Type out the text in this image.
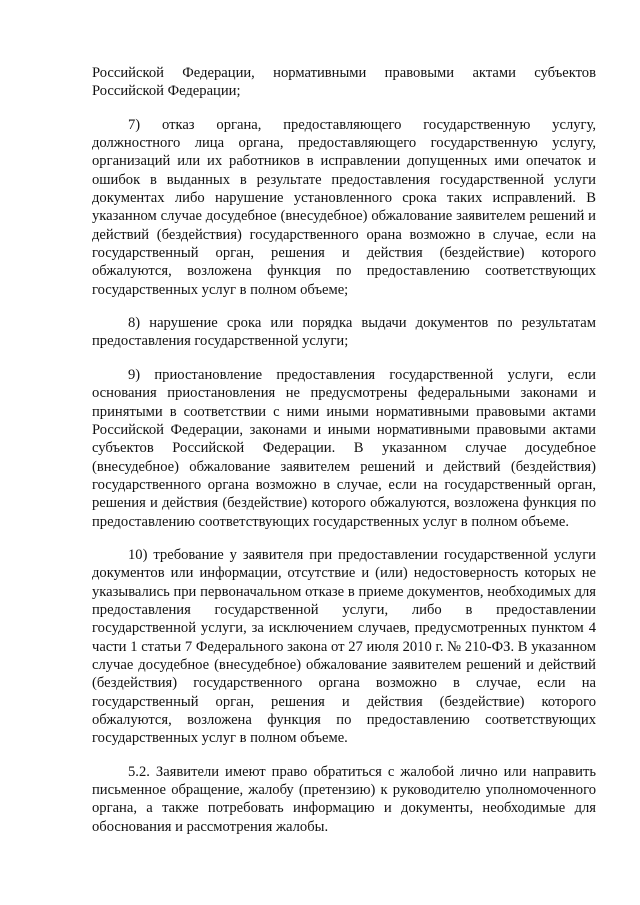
Российской Федерации, нормативными правовыми актами субъектов Российской Федерации;

7) отказ органа, предоставляющего государственную услугу, должностного лица органа, предоставляющего государственную услугу, организаций или их работников в исправлении допущенных ими опечаток и ошибок в выданных в результате предоставления государственной услуги документах либо нарушение установленного срока таких исправлений. В указанном случае досудебное (внесудебное) обжалование заявителем решений и действий (бездействия) государственного орана возможно в случае, если на государственный орган, решения и действия (бездействие) которого обжалуются, возложена функция по предоставлению соответствующих государственных услуг в полном объеме;

8) нарушение срока или порядка выдачи документов по результатам предоставления государственной услуги;

9) приостановление предоставления государственной услуги, если основания приостановления не предусмотрены федеральными законами и принятыми в соответствии с ними иными нормативными правовыми актами Российской Федерации, законами и иными нормативными правовыми актами субъектов Российской Федерации. В указанном случае досудебное (внесудебное) обжалование заявителем решений и действий (бездействия) государственного органа возможно в случае, если на государственный орган, решения и действия (бездействие) которого обжалуются, возложена функция по предоставлению соответствующих государственных услуг в полном объеме.

10) требование у заявителя при предоставлении государственной услуги документов или информации, отсутствие и (или) недостоверность которых не указывались при первоначальном отказе в приеме документов, необходимых для предоставления государственной услуги, либо в предоставлении государственной услуги, за исключением случаев, предусмотренных пунктом 4 части 1 статьи 7 Федерального закона от 27 июля 2010 г. № 210-ФЗ. В указанном случае досудебное (внесудебное) обжалование заявителем решений и действий (бездействия) государственного органа возможно в случае, если на государственный орган, решения и действия (бездействие) которого обжалуются, возложена функция по предоставлению соответствующих государственных услуг в полном объеме.

5.2. Заявители имеют право обратиться с жалобой лично или направить письменное обращение, жалобу (претензию) к руководителю уполномоченного органа, а также потребовать информацию и документы, необходимые для обоснования и рассмотрения жалобы.
